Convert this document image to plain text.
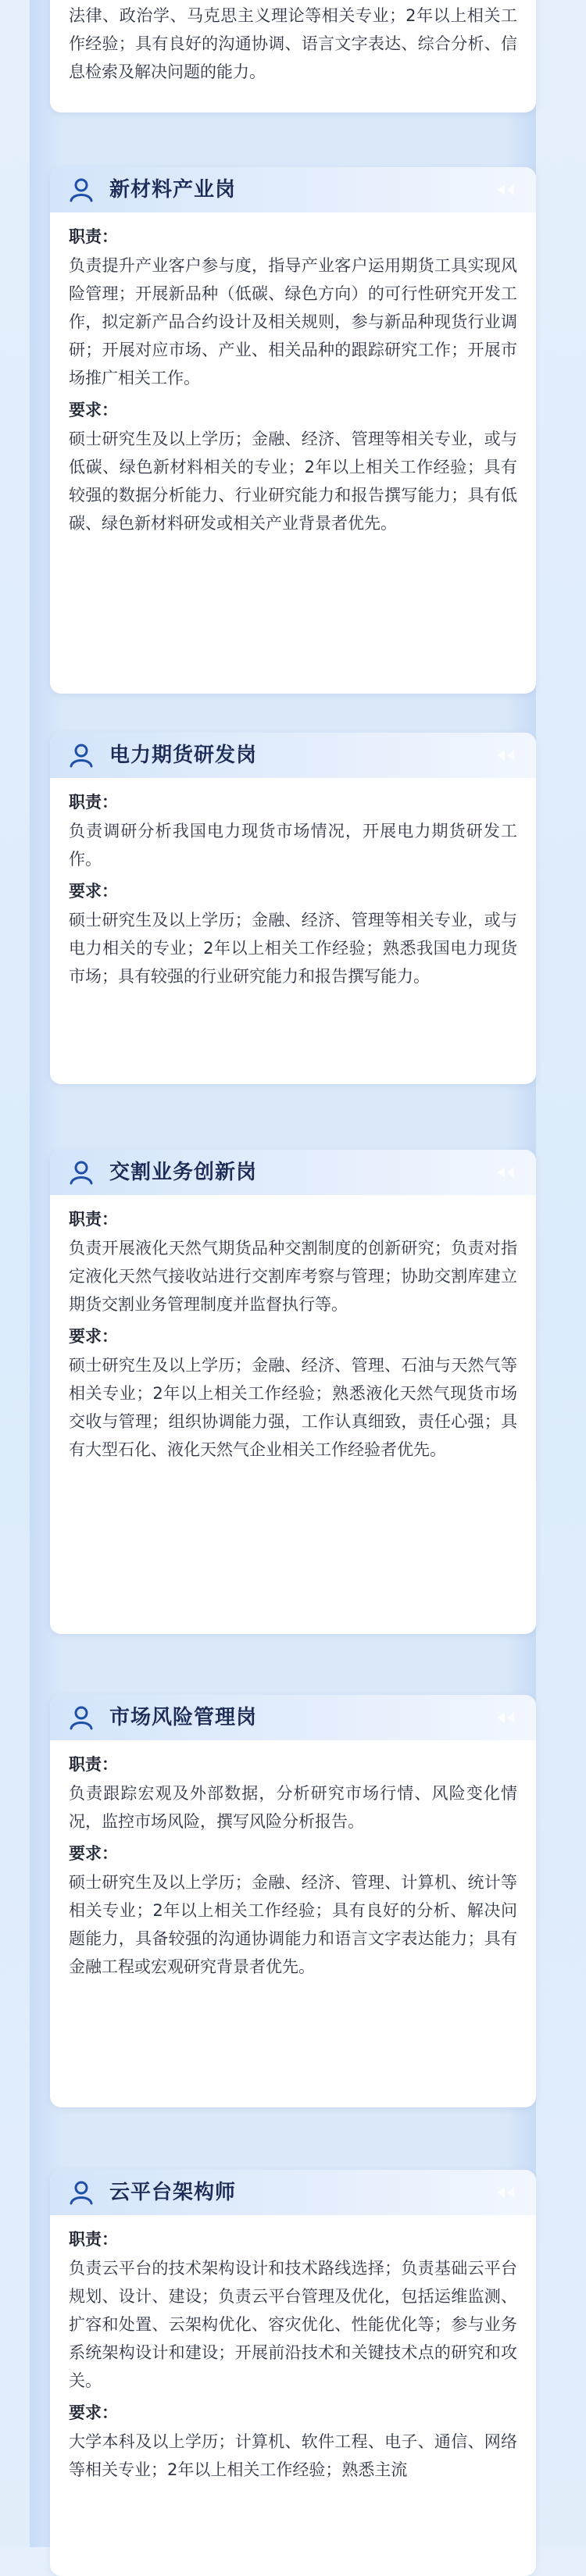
法律、政治学、马克思主义理论等相关专业；2年以上相关工作经验；具有良好的沟通协调、语言文字表达、综合分析、信息检索及解决问题的能力。

新材料产业岗
职责：

负责提升产业客户参与度，指导产业客户运用期货工具实现风险管理；开展新品种（低碳、绿色方向）的可行性研究开发工作，拟定新产品合约设计及相关规则，参与新品种现货行业调研；开展对应市场、产业、相关品种的跟踪研究工作；开展市场推广相关工作。

要求：

硕士研究生及以上学历；金融、经济、管理等相关专业，或与低碳、绿色新材料相关的专业；2年以上相关工作经验；具有较强的数据分析能力、行业研究能力和报告撰写能力；具有低碳、绿色新材料研发或相关产业背景者优先。

电力期货研发岗
职责：

负责调研分析我国电力现货市场情况，开展电力期货研发工作。

要求：

硕士研究生及以上学历；金融、经济、管理等相关专业，或与电力相关的专业；2年以上相关工作经验；熟悉我国电力现货市场；具有较强的行业研究能力和报告撰写能力。

交割业务创新岗
职责：

负责开展液化天然气期货品种交割制度的创新研究；负责对指定液化天然气接收站进行交割库考察与管理；协助交割库建立期货交割业务管理制度并监督执行等。

要求：

硕士研究生及以上学历；金融、经济、管理、石油与天然气等相关专业；2年以上相关工作经验；熟悉液化天然气现货市场交收与管理；组织协调能力强，工作认真细致，责任心强；具有大型石化、液化天然气企业相关工作经验者优先。

市场风险管理岗
职责：

负责跟踪宏观及外部数据，分析研究市场行情、风险变化情况，监控市场风险，撰写风险分析报告。

要求：

硕士研究生及以上学历；金融、经济、管理、计算机、统计等相关专业；2年以上相关工作经验；具有良好的分析、解决问题能力，具备较强的沟通协调能力和语言文字表达能力；具有金融工程或宏观研究背景者优先。

云平台架构师
职责：

负责云平台的技术架构设计和技术路线选择；负责基础云平台规划、设计、建设；负责云平台管理及优化，包括运维监测、扩容和处置、云架构优化、容灾优化、性能优化等；参与业务系统架构设计和建设；开展前沿技术和关键技术点的研究和攻关。

要求：

大学本科及以上学历；计算机、软件工程、电子、通信、网络等相关专业；2年以上相关工作经验；熟悉主流
